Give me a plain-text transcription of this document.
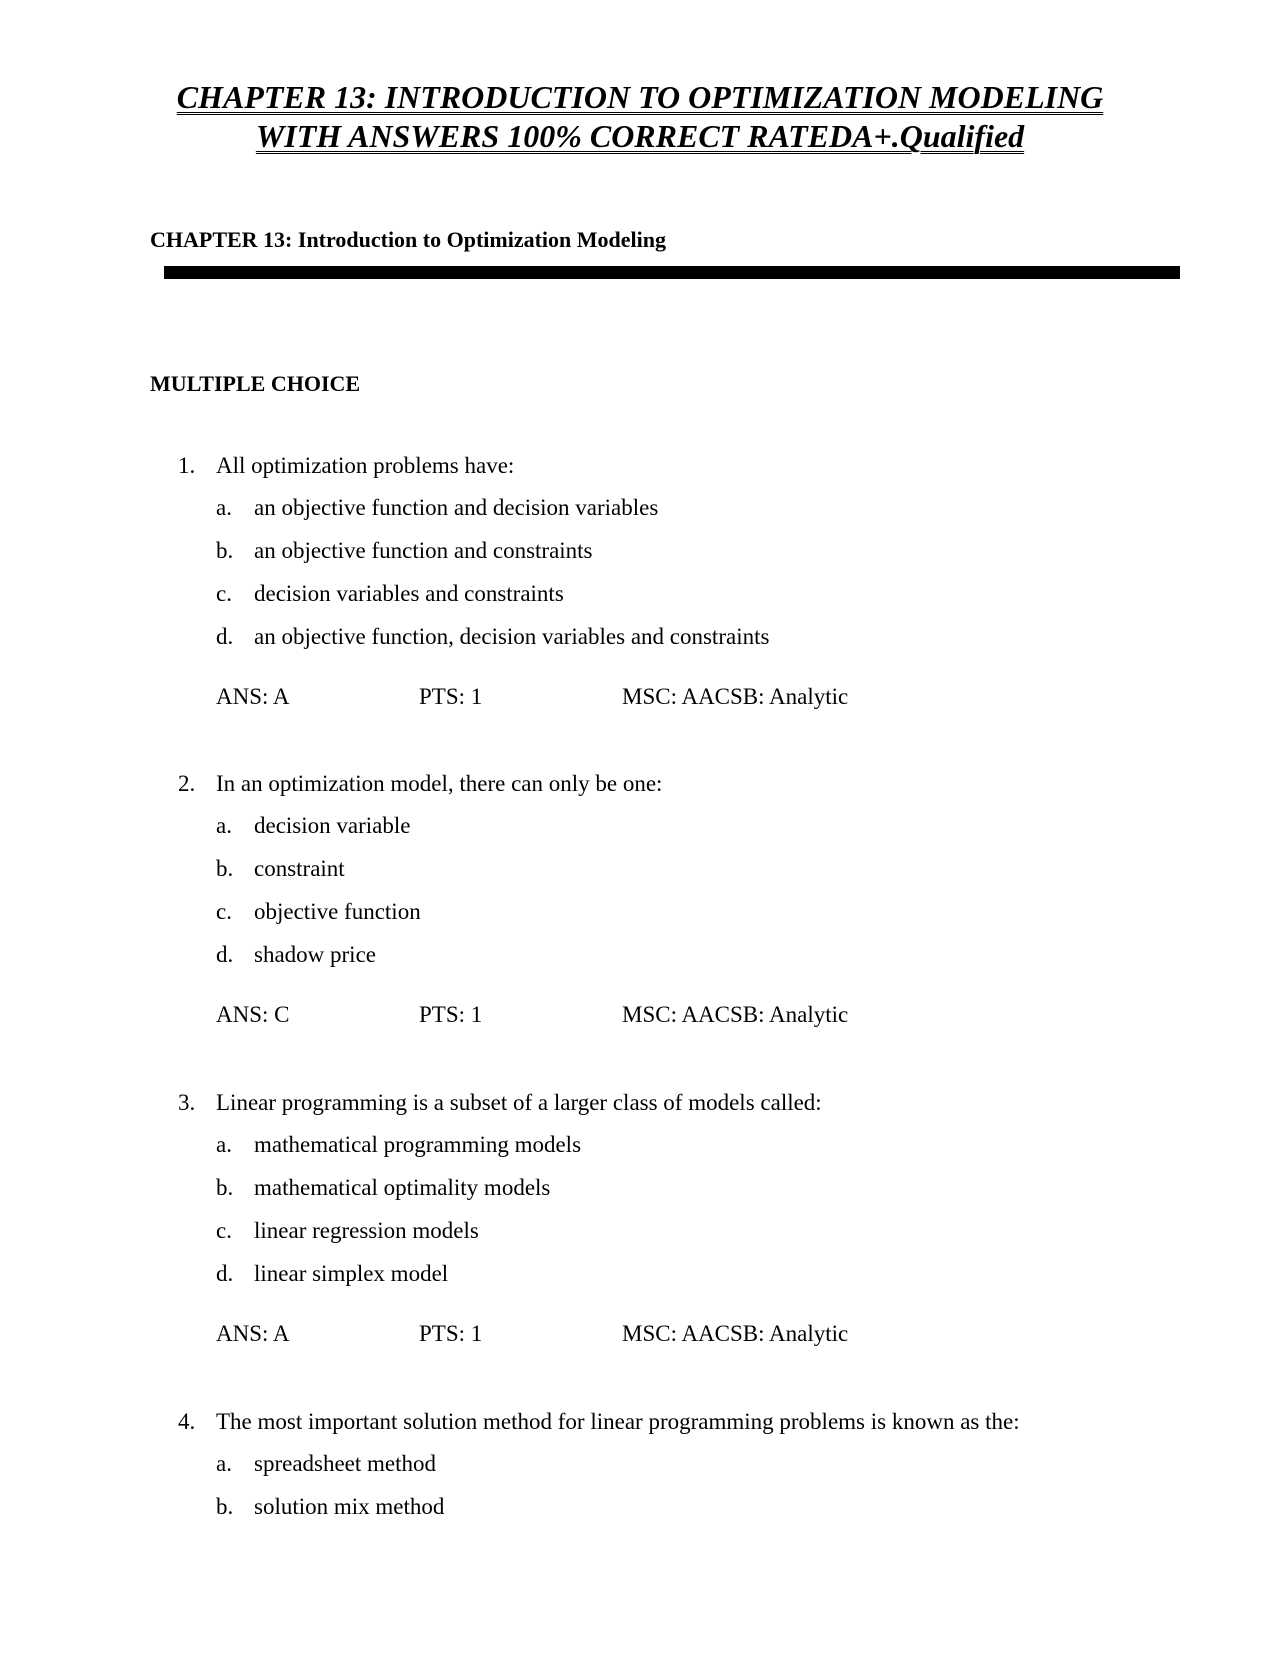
CHAPTER 13: INTRODUCTION TO OPTIMIZATION MODELING
WITH ANSWERS 100% CORRECT RATEDA+.Qualified
CHAPTER 13: Introduction to Optimization Modeling
MULTIPLE CHOICE
1. All optimization problems have:
a. an objective function and decision variables
b. an objective function and constraints
c. decision variables and constraints
d. an objective function, decision variables and constraints
ANS: A	PTS: 1	MSC: AACSB: Analytic
2. In an optimization model, there can only be one:
a. decision variable
b. constraint
c. objective function
d. shadow price
ANS: C	PTS: 1	MSC: AACSB: Analytic
3. Linear programming is a subset of a larger class of models called:
a. mathematical programming models
b. mathematical optimality models
c. linear regression models
d. linear simplex model
ANS: A	PTS: 1	MSC: AACSB: Analytic
4. The most important solution method for linear programming problems is known as the:
a. spreadsheet method
b. solution mix method
